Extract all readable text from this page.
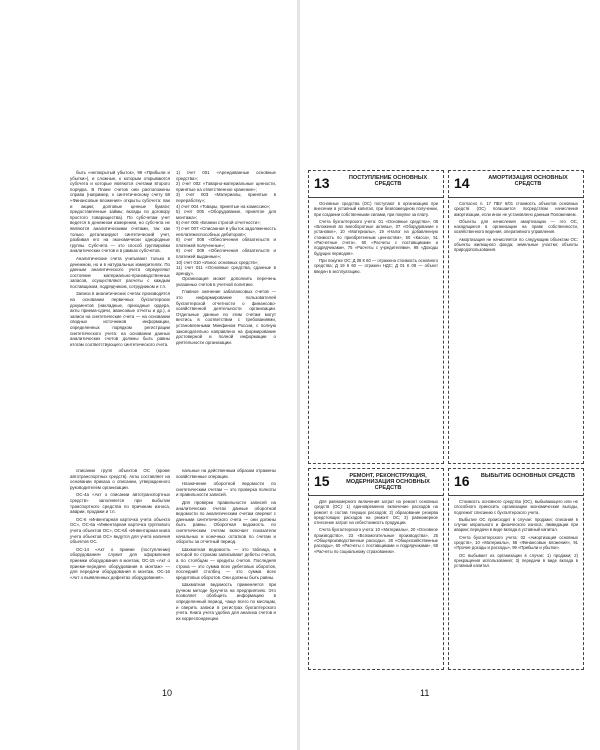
быть «непокрытый убыток», 99 «Прибыли и убытки»), и сложные, к которым открываются субсчета и которые являются счетами второго порядка. В Плане счетов они расположены справа (например, к синтетическому счету 58 «Финансовые вложения» открыты субсчета: паи и акции; долговые ценные бумаги; предоставленные займы; вклады по договору простого товарищества). По субсчетам учет ведется в денежном измерении, но субсчета не являются аналитическими счетами, так как только детализируют синтетический учет, разбивая его на экономически однородные группы. Субсчета — это способ группировки аналитических счетов и в рамках субсчетов.

Аналитические счета учитывают только в денежном, но и в натуральных измерителях. По данным аналитического учета определяют состояние материально-производственных запасов, осуществляют расчеты с каждым поставщиком, подрядчиком, сотрудником и т.п.

Записи в аналитических счетах производятся на основании первичных бухгалтерских документов (накладные, приходные ордера, акты приема-сдачи, авансовые отчеты и др.), а записи на синтетические счета — на основании сводных источников информации, определенных порядком регистрации синтетического учета: на основании данных аналитических счетов должны быть равны итогам соответствующего синтетического счета.

1) счет 001 «Арендованные основные средства»;
2) счет 002 «Товарно-материальные ценности, принятые на ответственное хранение»;
3) счет 003 «Материалы, принятые в переработку»;
4) счет 004 «Товары, принятые на комиссию»;
5) счет 005 «Оборудование, принятое для монтажа»;
6) счет 006 «Бланки строгой отчетности»;
7) счет 007 «Списанная в убыток задолженность неплатежеспособных дебиторов»;
8) счет 008 «Обеспечения обязательств и платежей полученные»;
9) счет 009 «Обеспечения обязательств и платежей выданные»;
10) счет 010 «Износ основных средств»;
11) счет 011 «Основные средства, сданные в аренду».

Организация может дополнить перечень указанных счетов в учетной политике.

Главное значение забалансовых счетов — это информирование пользователей бухгалтерской отчетности о финансово-хозяйственной деятельности организации. Отдельные данные по этим счетам могут вестись в соответствии с требованиями, установленными Минфином России, с полную законодательно направлено на формирование достоверной и полной информации о деятельности организации.

списании групп объектов ОС (кроме автотранспортных средств). Акты составляет на основании приказа о списании, утвержденного руководителем организации.

ОС-4а «Акт о списании автотранспортных средств» заполняется при выбытии транспортного средства по причинам износа, аварии, продажи и т.п.

ОС-6 «Инвентарная карточка учета объекта ОС», ОС-6а «Инвентарная карточка группового учета объектов ОС», ОС-6б «Инвентарная книга учета объектов ОС» ведутся для учета наличия объектов ОС.

ОС-14 «Акт о приеме (поступлении) оборудования» служит для оформления приемки оборудования в монтаж, ОС-15 «Акт о приеме-передаче оборудования в монтаж» — для передачи оборудования в монтаж, ОС-16 «Акт о выявленных дефектах оборудования».

нальные на действенным образом отражены хозяйственные операции.

Назначение оборотной ведомости по синтетическим счетам — это проверка полноты и правильности записей.

Для проверки правильности записей на аналитических счетах данные оборотной ведомости по аналитическим счетам сверяют с данными синтетического счета — они должны быть равны. Оборотная ведомость по синтетическим счетам включает показатели начальных и конечных остатков по счетам и обороты за отчетный период.

Шахматная ведомость — это таблица, в которой по строкам записывают дебеты счетов, а по столбцам — кредиты счетов. Последняя строка — это сумма всех дебетовых оборотов, последний столбец — это сумма всех кредитовых оборотов. Они должны быть равны.

Шахматная ведомость применяется при ручном методе бухучета на предприятиях. Это позволяет обобщить информацию в определенный период, чаще всего по месяцам, и сверить записи в регистрах бухгалтерского учета. Книга учета удобна для анализа счетов и их корреспонденции.

10
13	ПОСТУПЛЕНИЕ ОСНОВНЫХ СРЕДСТВ

Основные средства (ОС) поступают в организацию при внесении в уставный капитал, при безвозмездном получении, при создании собственными силами, при покупке за плату.

Счета бухгалтерского учета: 01 «Основные средства», 08 «Вложения во внеоборотные активы», 07 «Оборудование к установке», 10 «Материалы», 19 «Налог на добавленную стоимость по приобретенным ценностям», 50 «Касса», 51 «Расчетные счета», 60 «Расчеты с поставщиками и подрядчиками», 75 «Расчеты с учредителями», 98 «Доходы будущих периодов».

При покупке ОС: Д 08 К 60 — отражена стоимость основного средства; Д 19 К 60 — отражен НДС; Д 01 К 08 — объект введен в эксплуатацию.

14	АМОРТИЗАЦИЯ ОСНОВНЫХ СРЕДСТВ

Согласно п. 17 ПБУ 6/01 стоимость объектов основных средств (ОС) погашается посредством начисления амортизации, если иное не установлено данным Положением.

Объекты для начисления амортизации — это ОС, находящиеся в организации на праве собственности, хозяйственного ведения, оперативного управления.

Амортизация не начисляется по следующим объектам ОС: объекты жилищного фонда; земельные участки; объекты природопользования.

15	РЕМОНТ, РЕКОНСТРУКЦИЯ, МОДЕРНИЗАЦИЯ ОСНОВНЫХ СРЕДСТВ

Для равномерного включения затрат на ремонт основных средств (ОС): 1) единовременно включение расходов на ремонт в состав текущих расходов; 2) образование резерва предстоящих расходов на ремонт ОС; 3) равномерное отнесение затрат на себестоимость продукции.

Счета бухгалтерского учета: 10 «Материалы», 20 «Основное производство», 23 «Вспомогательные производства», 25 «Общепроизводственные расходы», 26 «Общехозяйственные расходы», 60 «Расчеты с поставщиками и подрядчиками», 69 «Расчеты по социальному страхованию».

16	ВЫБЫТИЕ ОСНОВНЫХ СРЕДСТВ

Стоимость основного средства (ОС), выбывающего или не способного приносить организации экономические выгоды, подлежит списанию с бухгалтерского учета.

Выбытие ОС происходит в случае: продажи; списания в случае морального и физического износа; ликвидации при аварии; передачи в виде вклада в уставный капитал.

Счета бухгалтерского учета: 02 «Амортизация основных средств», 10 «Материалы», 58 «Финансовые вложения», 91 «Прочие доходы и расходы», 99 «Прибыли и убытки».

ОС выбывает из организации в случае: 1) продажи; 2) прекращения использования; 3) передачи в виде вклада в уставный капитал.

11
